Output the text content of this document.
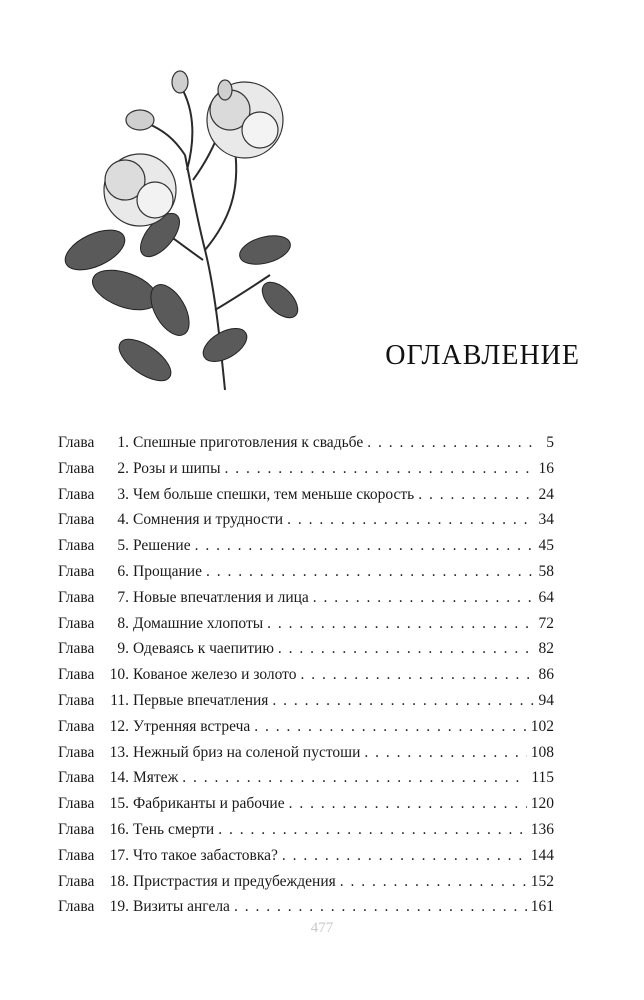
ОГЛАВЛЕНИЕ
Глава	1. Спешные приготовления к свадьбе . . .	5
Глава	2. Розы и шипы . . .	16
Глава	3. Чем больше спешки, тем меньше скорость . . .	24
Глава	4. Сомнения и трудности . . .	34
Глава	5. Решение . . .	45
Глава	6. Прощание . . .	58
Глава	7. Новые впечатления и лица . . .	64
Глава	8. Домашние хлопоты . . .	72
Глава	9. Одеваясь к чаепитию . . .	82
Глава 10. Кованое железо и золото . . .	86
Глава	11. Первые впечатления . . .	94
Глава 12. Утренняя встреча . . .	102
Глава 13. Нежный бриз на соленой пустоши . . .	108
Глава 14. Мятеж . . .	115
Глава 15. Фабриканты и рабочие . . .	120
Глава 16. Тень смерти . . .	136
Глава 17. Что такое забастовка? . . .	144
Глава 18. Пристрастия и предубеждения . . .	152
Глава 19. Визиты ангела . . .	161
477
